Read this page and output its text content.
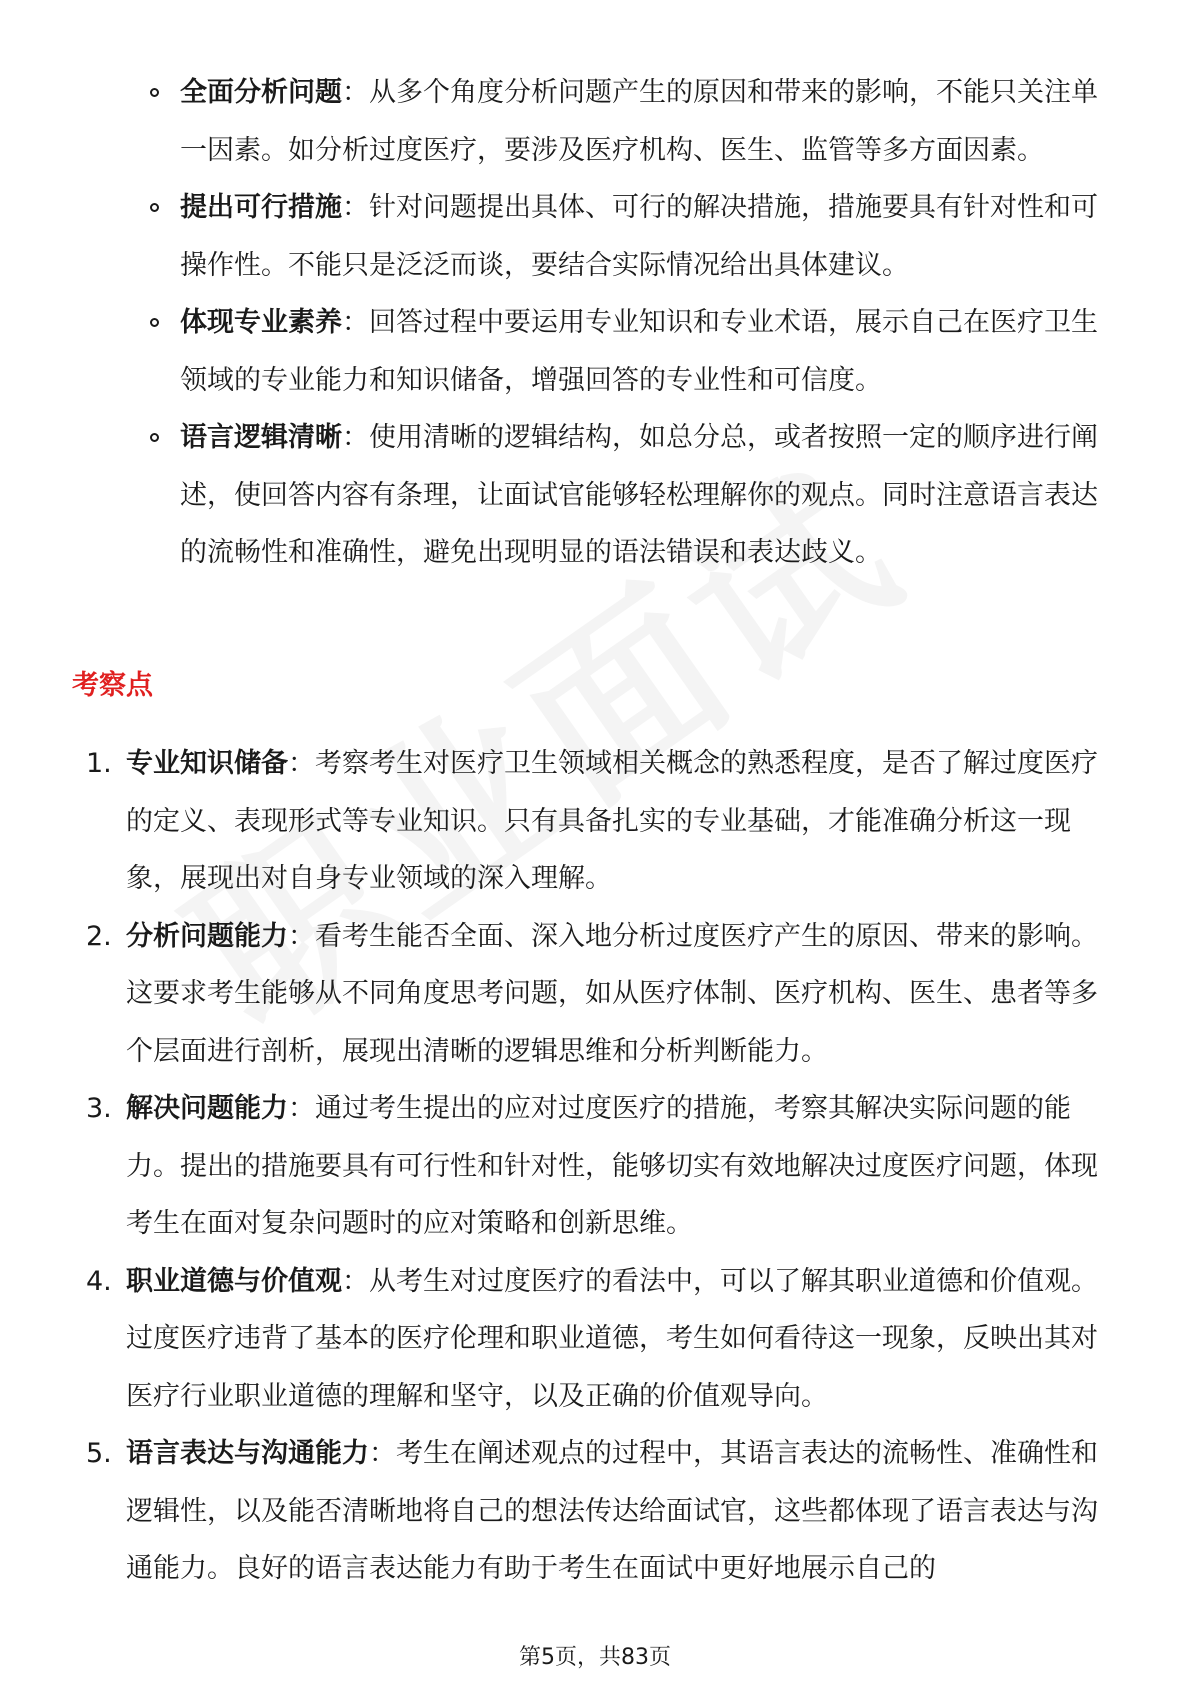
全面分析问题：从多个角度分析问题产生的原因和带来的影响，不能只关注单一因素。如分析过度医疗，要涉及医疗机构、医生、监管等多方面因素。
提出可行措施：针对问题提出具体、可行的解决措施，措施要具有针对性和可操作性。不能只是泛泛而谈，要结合实际情况给出具体建议。
体现专业素养：回答过程中要运用专业知识和专业术语，展示自己在医疗卫生领域的专业能力和知识储备，增强回答的专业性和可信度。
语言逻辑清晰：使用清晰的逻辑结构，如总分总，或者按照一定的顺序进行阐述，使回答内容有条理，让面试官能够轻松理解你的观点。同时注意语言表达的流畅性和准确性，避免出现明显的语法错误和表达歧义。
考察点
1. 专业知识储备：考察考生对医疗卫生领域相关概念的熟悉程度，是否了解过度医疗的定义、表现形式等专业知识。只有具备扎实的专业基础，才能准确分析这一现象，展现出对自身专业领域的深入理解。
2. 分析问题能力：看考生能否全面、深入地分析过度医疗产生的原因、带来的影响。这要求考生能够从不同角度思考问题，如从医疗体制、医疗机构、医生、患者等多个层面进行剖析，展现出清晰的逻辑思维和分析判断能力。
3. 解决问题能力：通过考生提出的应对过度医疗的措施，考察其解决实际问题的能力。提出的措施要具有可行性和针对性，能够切实有效地解决过度医疗问题，体现考生在面对复杂问题时的应对策略和创新思维。
4. 职业道德与价值观：从考生对过度医疗的看法中，可以了解其职业道德和价值观。过度医疗违背了基本的医疗伦理和职业道德，考生如何看待这一现象，反映出其对医疗行业职业道德的理解和坚守，以及正确的价值观导向。
5. 语言表达与沟通能力：考生在阐述观点的过程中，其语言表达的流畅性、准确性和逻辑性，以及能否清晰地将自己的想法传达给面试官，这些都体现了语言表达与沟通能力。良好的语言表达能力有助于考生在面试中更好地展示自己的
第5页，共83页
